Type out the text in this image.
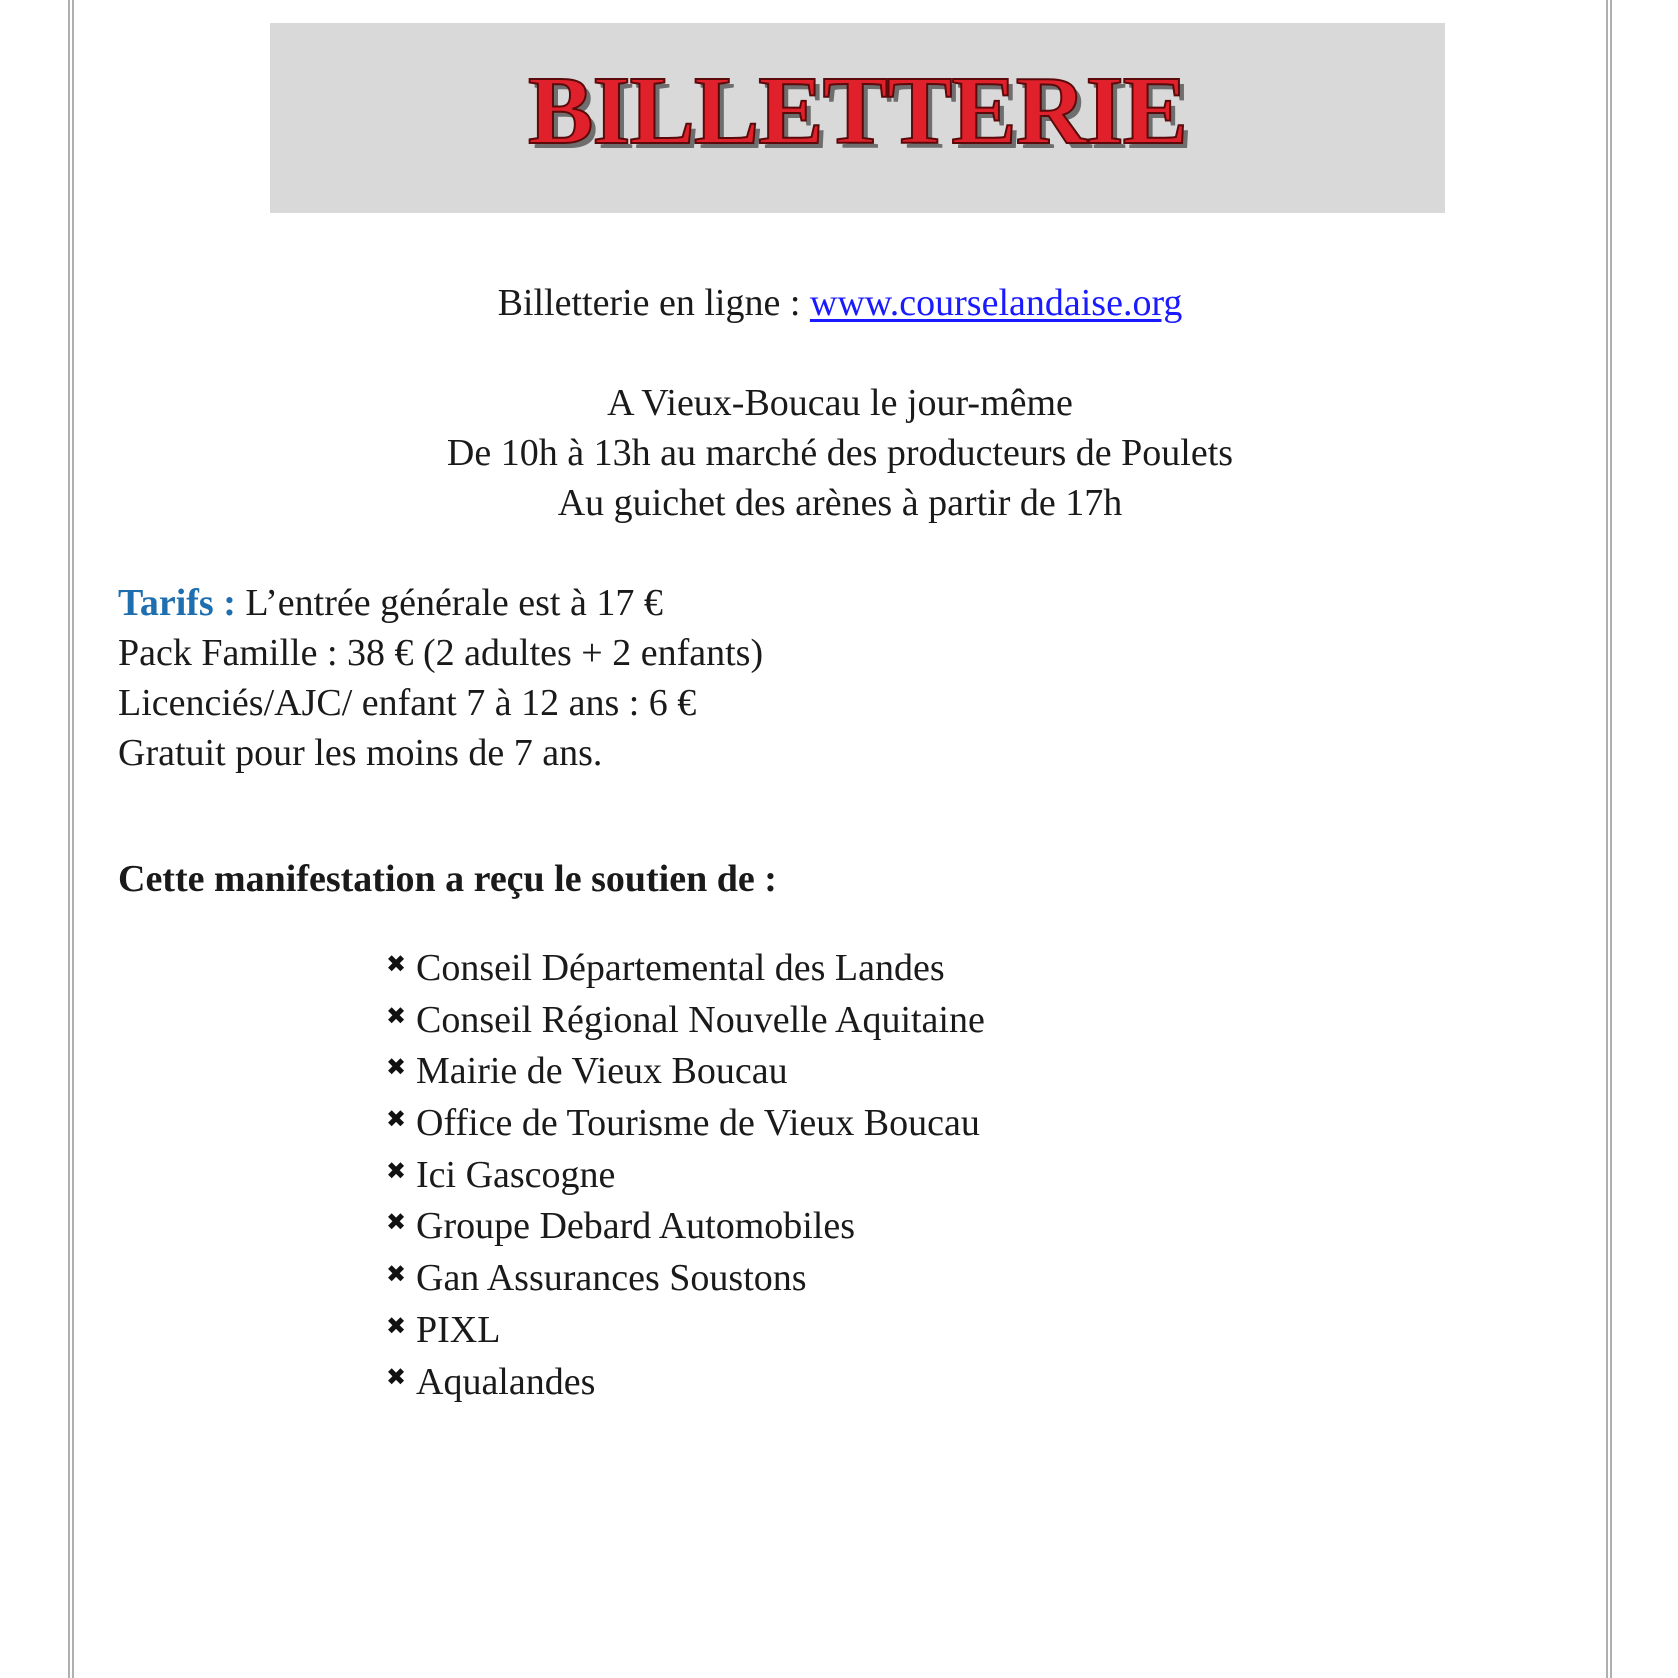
BILLETTERIE
Billetterie en ligne : www.courselandaise.org
A Vieux-Boucau le jour-même
De 10h à 13h au marché des producteurs de Poulets
Au guichet des arènes à partir de 17h
Tarifs : L’entrée générale est à 17 €
Pack Famille : 38 € (2 adultes + 2 enfants)
Licenciés/AJC/ enfant 7 à 12 ans : 6 €
Gratuit pour les moins de 7 ans.
Cette manifestation a reçu le soutien de :
✖ Conseil Départemental des Landes
✖ Conseil Régional Nouvelle Aquitaine
✖ Mairie de Vieux Boucau
✖ Office de Tourisme de Vieux Boucau
✖ Ici Gascogne
✖ Groupe Debard Automobiles
✖ Gan Assurances Soustons
✖ PIXL
✖ Aqualandes
